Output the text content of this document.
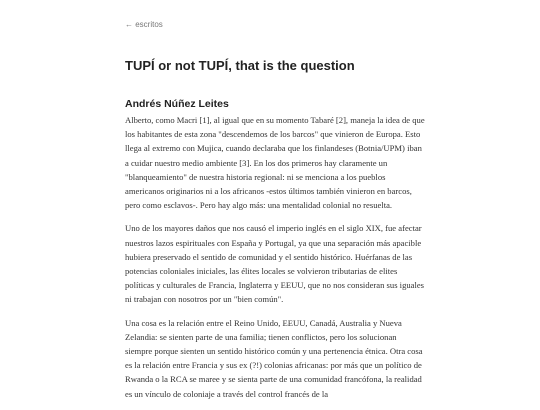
← escritos
TUPÍ or not TUPÍ, that is the question
Andrés Núñez Leites

Alberto, como Macri [1], al igual que en su momento Tabaré [2], maneja la idea de que los habitantes de esta zona "descendemos de los barcos" que vinieron de Europa. Esto llega al extremo con Mujica, cuando declaraba que los finlandeses (Botnia/UPM) iban a cuidar nuestro medio ambiente [3]. En los dos primeros hay claramente un "blanqueamiento" de nuestra historia regional: ni se menciona a los pueblos americanos originarios ni a los africanos -estos últimos también vinieron en barcos, pero como esclavos-. Pero hay algo más: una mentalidad colonial no resuelta.

Uno de los mayores daños que nos causó el imperio inglés en el siglo XIX, fue afectar nuestros lazos espirituales con España y Portugal, ya que una separación más apacible hubiera preservado el sentido de comunidad y el sentido histórico. Huérfanas de las potencias coloniales iniciales, las élites locales se volvieron tributarias de elites políticas y culturales de Francia, Inglaterra y EEUU, que no nos consideran sus iguales ni trabajan con nosotros por un "bien común".

Una cosa es la relación entre el Reino Unido, EEUU, Canadá, Australia y Nueva Zelandia: se sienten parte de una familia; tienen conflictos, pero los solucionan siempre porque sienten un sentido histórico común y una pertenencia étnica. Otra cosa es la relación entre Francia y sus ex (?!) colonias africanas: por más que un político de Rwanda o la RCA se maree y se sienta parte de una comunidad francófona, la realidad es un vínculo de coloniaje a través del control francés de la
